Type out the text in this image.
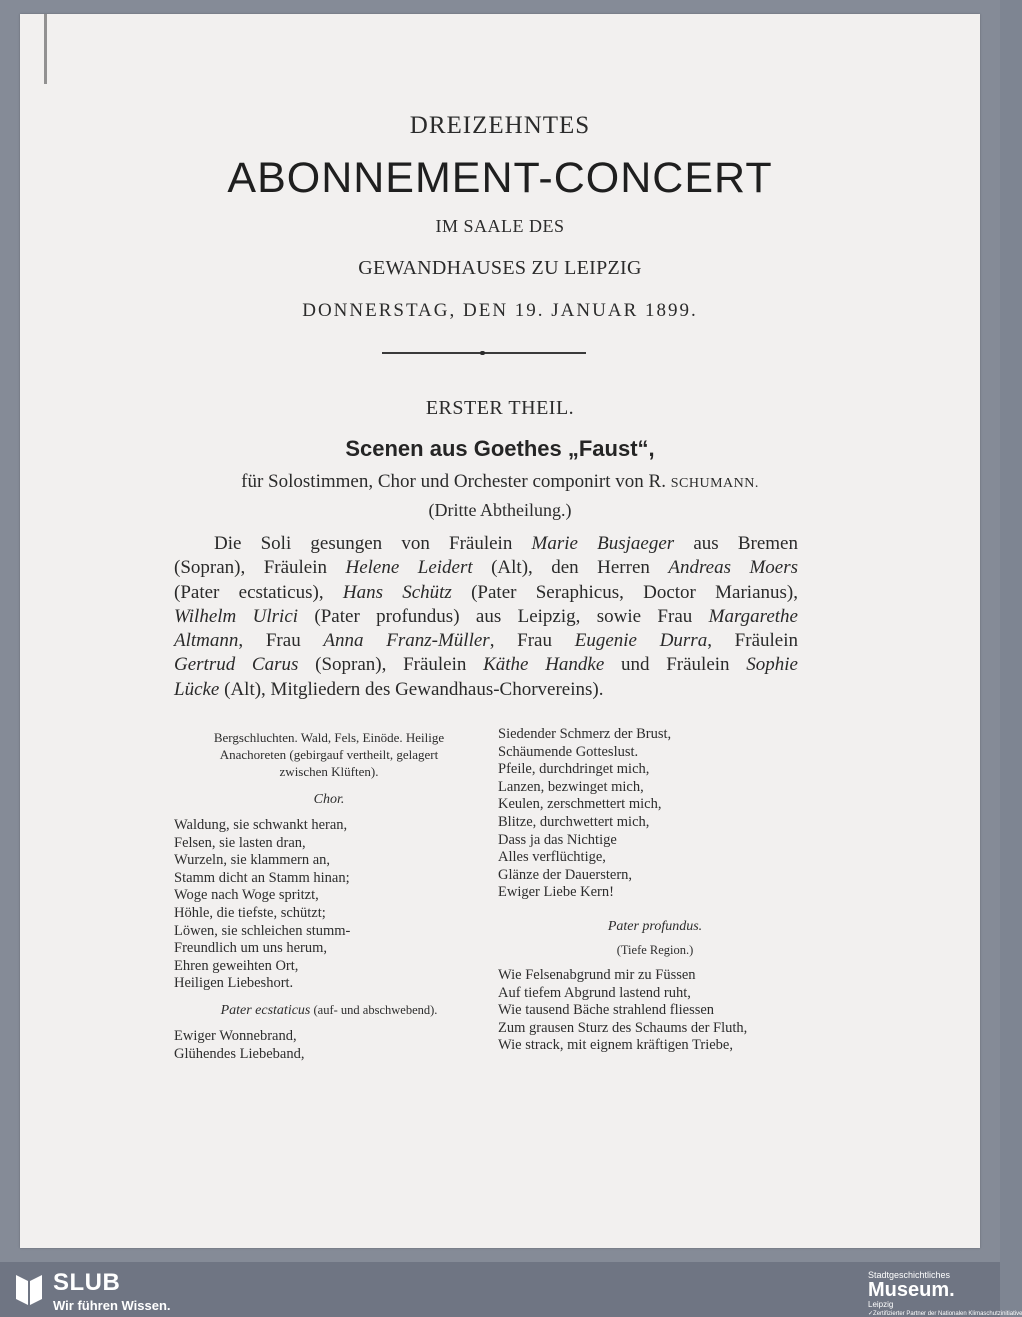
DREIZEHNTES
ABONNEMENT-CONCERT
IM SAALE DES
GEWANDHAUSES ZU LEIPZIG
DONNERSTAG, DEN 19. JANUAR 1899.
ERSTER THEIL.
Scenen aus Goethes „Faust“,
für Solostimmen, Chor und Orchester componirt von R. SCHUMANN.
(Dritte Abtheilung.)
Die Soli gesungen von Fräulein Marie Busjaeger aus Bremen
(Sopran), Fräulein Helene Leidert (Alt), den Herren Andreas Moers
(Pater ecstaticus), Hans Schütz (Pater Seraphicus, Doctor Marianus),
Wilhelm Ulrici (Pater profundus) aus Leipzig, sowie Frau Margarethe
Altmann, Frau Anna Franz-Müller, Frau Eugenie Durra, Fräulein
Gertrud Carus (Sopran), Fräulein Käthe Handke und Fräulein Sophie
Lücke (Alt), Mitgliedern des Gewandhaus-Chorvereins).
Bergschluchten. Wald, Fels, Einöde. Heilige
Anachoreten (gebirgauf vertheilt, gelagert
zwischen Klüften).
Chor.
Waldung, sie schwankt heran,
Felsen, sie lasten dran,
Wurzeln, sie klammern an,
Stamm dicht an Stamm hinan;
Woge nach Woge spritzt,
Höhle, die tiefste, schützt;
Löwen, sie schleichen stumm-
Freundlich um uns herum,
Ehren geweihten Ort,
Heiligen Liebeshort.
Pater ecstaticus (auf- und abschwebend).
Ewiger Wonnebrand,
Glühendes Liebeband,
Siedender Schmerz der Brust,
Schäumende Gotteslust.
Pfeile, durchdringet mich,
Lanzen, bezwinget mich,
Keulen, zerschmettert mich,
Blitze, durchwettert mich,
Dass ja das Nichtige
Alles verflüchtige,
Glänze der Dauerstern,
Ewiger Liebe Kern!
Pater profundus.
(Tiefe Region.)
Wie Felsenabgrund mir zu Füssen
Auf tiefem Abgrund lastend ruht,
Wie tausend Bäche strahlend fliessen
Zum grausen Sturz des Schaums der Fluth,
Wie strack, mit eignem kräftigen Triebe,
SLUB
Wir führen Wissen.
Stadtgeschichtliches
Museum.
Leipzig
✓Zertifizierter Partner der Nationalen Klimaschutzinitiative
